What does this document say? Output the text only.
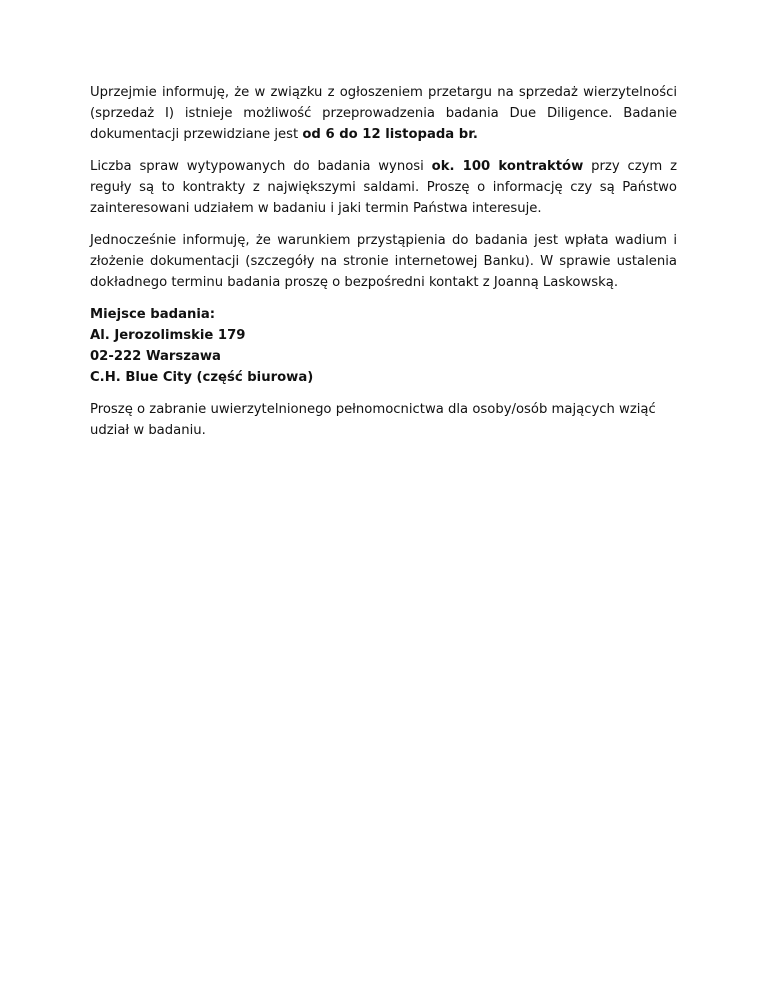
Uprzejmie informuję, że w związku z ogłoszeniem przetargu na sprzedaż wierzytelności (sprzedaż I) istnieje możliwość przeprowadzenia badania Due Diligence. Badanie dokumentacji przewidziane jest od 6 do 12 listopada br.

Liczba spraw wytypowanych do badania wynosi ok. 100 kontraktów przy czym z reguły są to kontrakty z największymi saldami. Proszę o informację czy są Państwo zainteresowani udziałem w badaniu i jaki termin Państwa interesuje.

Jednocześnie informuję, że warunkiem przystąpienia do badania jest wpłata wadium i złożenie dokumentacji (szczegóły na stronie internetowej Banku). W sprawie ustalenia dokładnego terminu badania proszę o bezpośredni kontakt z Joanną Laskowską.

Miejsce badania:
Al. Jerozolimskie 179
02-222 Warszawa
C.H. Blue City (część biurowa)

Proszę o zabranie uwierzytelnionego pełnomocnictwa dla osoby/osób mających wziąć udział w badaniu.
